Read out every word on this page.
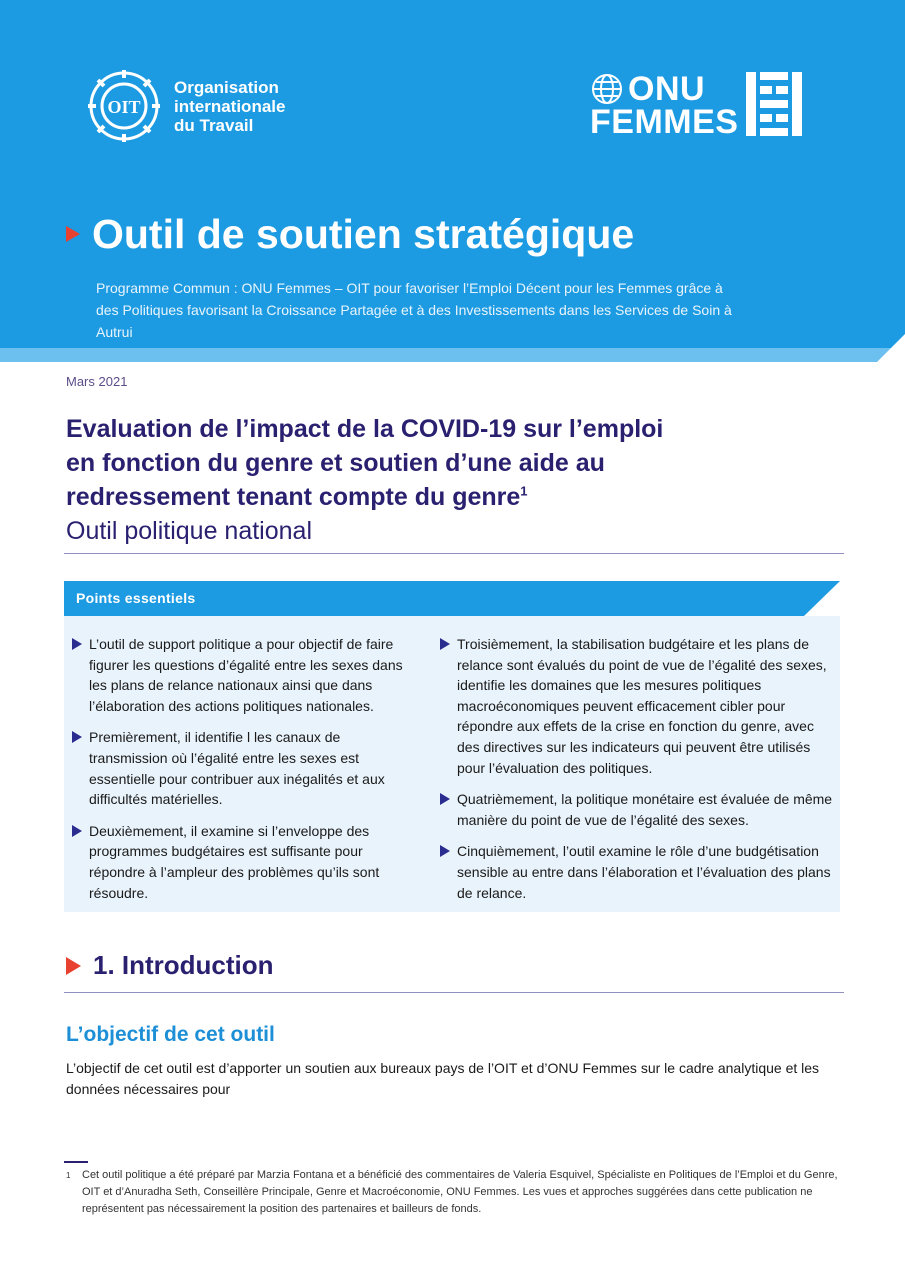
OIT
Organisation
internationale
du Travail
ONU
FEMMES
Outil de soutien stratégique
Programme Commun : ONU Femmes – OIT pour favoriser l’Emploi Décent pour les Femmes grâce à des Politiques favorisant la Croissance Partagée et à des Investissements dans les Services de Soin à Autrui
Mars 2021
Evaluation de l’impact de la COVID-19 sur l’emploi
en fonction du genre et soutien d’une aide au
redressement tenant compte du genre$^1$
Outil politique national
Points essentiels
L’outil de support politique a pour objectif de faire figurer les questions d’égalité entre les sexes dans les plans de relance nationaux ainsi que dans l’élaboration des actions politiques nationales.
Premièrement, il identifie l les canaux de transmission où l’égalité entre les sexes est essentielle pour contribuer aux inégalités et aux difficultés matérielles.
Deuxièmement, il examine si l’enveloppe des programmes budgétaires est suffisante pour répondre à l’ampleur des problèmes qu’ils sont résoudre.
Troisièmement, la stabilisation budgétaire et les plans de relance sont évalués du point de vue de l’égalité des sexes, identifie les domaines que les mesures politiques macroéconomiques peuvent efficacement cibler pour répondre aux effets de la crise en fonction du genre, avec des directives sur les indicateurs qui peuvent être utilisés pour l’évaluation des politiques.
Quatrièmement, la politique monétaire est évaluée de même manière du point de vue de l’égalité des sexes.
Cinquièmement, l’outil examine le rôle d’une budgétisation sensible au entre dans l’élaboration et l’évaluation des plans de relance.
1. Introduction
L’objectif de cet outil
L’objectif de cet outil est d’apporter un soutien aux bureaux pays de l’OIT et d’ONU Femmes sur le cadre analytique et les données nécessaires pour
1 Cet outil politique a été préparé par Marzia Fontana et a bénéficié des commentaires de Valeria Esquivel, Spécialiste en Politiques de l’Emploi et du Genre, OIT et d’Anuradha Seth, Conseillère Principale, Genre et Macroéconomie, ONU Femmes. Les vues et approches suggérées dans cette publication ne représentent pas nécessairement la position des partenaires et bailleurs de fonds.
